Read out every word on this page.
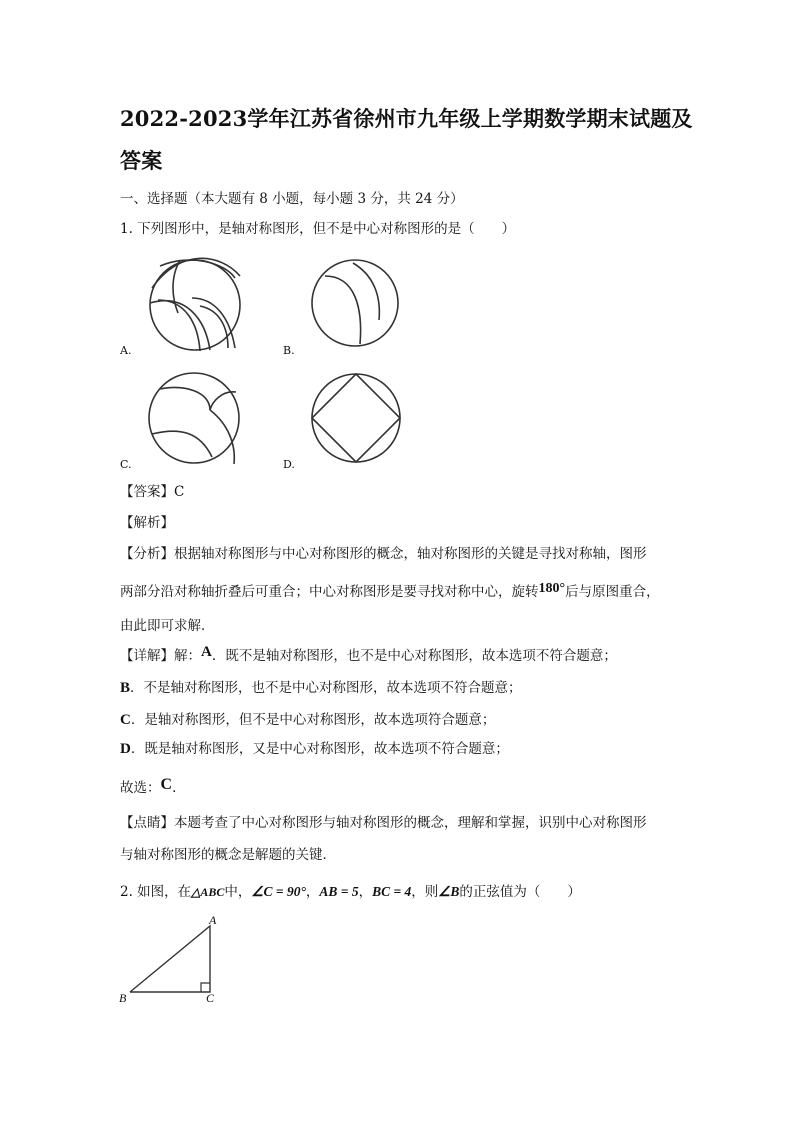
2022-2023学年江苏省徐州市九年级上学期数学期末试题及
答案
一、选择题（本大题有 8 小题，每小题 3 分，共 24 分）
1. 下列图形中，是轴对称图形，但不是中心对称图形的是（　　）
A.	B.
C.	D.
【答案】C
【解析】
【分析】根据轴对称图形与中心对称图形的概念，轴对称图形的关键是寻找对称轴，图形
两部分沿对称轴折叠后可重合；中心对称图形是要寻找对称中心，旋转180°后与原图重合，
由此即可求解．
【详解】解：A．既不是轴对称图形，也不是中心对称图形，故本选项不符合题意；
B．不是轴对称图形，也不是中心对称图形，故本选项不符合题意；
C．是轴对称图形，但不是中心对称图形，故本选项符合题意；
D．既是轴对称图形，又是中心对称图形，故本选项不符合题意；
故选：C．
【点睛】本题考查了中心对称图形与轴对称图形的概念，理解和掌握，识别中心对称图形
与轴对称图形的概念是解题的关键．
2. 如图，在△ABC中，∠C = 90°，AB = 5，BC = 4，则∠B的正弦值为（　　）
A
B	C
